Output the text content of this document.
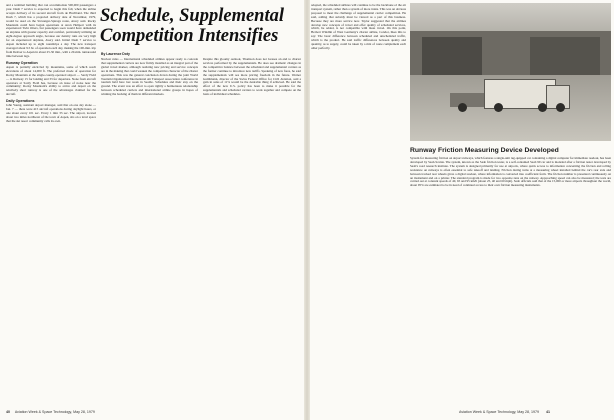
and a terminal building that can accommodate 500,000 passengers a year. Dash 7 service is expected to begin this fall, when the airline accepts delivery of its second aircraft from de Havilland. The third Dash 7, which has a projected delivery date of November, 1979, would be used on the Stavanger-Spiraga route, Avery said. Rocky Mountain could have begun operations at Avon Heliport with its experienced Twin Otters, but passengers soon would have demanded an airplane with greater capacity and comfort, particularly utilizing an eight-degree approach angle, because our density runs are very high for an experienced airplane, Avery said. Initial Dash 7 service to Aspen included up to eight roundtrips a day. The new transport averaged about 9.5 hr. of operation each day, making the 100-min. trip from Denver to Aspen in about 25-30 min., with a 20-min. turnaround time between legs.

Runway Operation

Aspen is partially encircled by mountains, some of which reach elevations of about 14,000 ft. The preferred mode of operation for Rocky Mountain at the single-county-operated airport — Sardy Field — is Runway 15 for landing and 33 for departure. None from aircraft operators at Sardy Field has, because an issue of noise near the community; Rocky Mountain's ability to arrive and depart on the relatively short runway is one of the advantages claimed for the aircraft.

Daily Operations

John Young, assistant airport manager, said that on one day alone — Jan. 7 — there were 415 aircraft operations during daylight hours, or one about every 101 sec. Every 1 min 33 sec. The airport, located about two miles northwest of the town of Aspen, sits on a level space that the ski resort community calls its own.

Schedule, Supplemental Competition Intensifies
By Laurence Doty

Nuclear rules — International scheduled airlines appear ready to concede that supplemental carriers are now firmly installed as an integral part of the global travel market, although realizing new pricing and service concepts are in the making that could weaken the competitive character of the charter operations. This was the general conclusion drawn during the joint World Tourism Organization/International Air Transport Association conference in tourism held here last week in Seattle. Schedules and their stay on the ground. The event was an effort to open rightly a harmonious relationship between scheduled carriers and international airline groups in hopes of winning the backing of them in different markets.

Despite this gloomy outlook, Thomson does not foresee an end to charter services performed by the supplementals. He does see dramatic changes in the competitive balance between the scheduled and supplemental carriers as the former continue to introduce new tariffs. Speaking of new fares, he said the supplementals will see more pricing freedom in the future. Werner Guldimann, director of the Swiss Federal Office for Civil Aviation, said a gain in sales of 11% would be the desirable thing if achieved. He said the effect of the new U.S. policy has been to make it possible for the supplementals and scheduled carriers to work together and compete on the basis of individual schedules.

40 Aviation Week & Space Technology, May 28, 1979

adopted, the scheduled airlines will continue to be the backbone of the air transport system, rather than a system of more trains. This was an obvious proposal to meet the challenge of supplemental carrier competition. He said, adding that subsidy must be viewed as a part of this business. Because they are more service now. Taylor suggested that the airlines develop new concepts of travel and offer quality of scheduled services, which, he added, is not compatible with mass travel. On this point, Herbert Windlin of West Germany's charter airline, Condor, likes this to say: The basic difference between scheduled and unscheduled traffic, which is the product. He said traffic differences between quality and quantity, as to supply, could be taken by a mix of route complement each other perfectly.

Aviation Week & Space Technology, May 28, 1979 41
Runway Friction Measuring Device Developed

System for measuring friction on airport runways, which features a single-unit tug-quipped car containing a digital computer for immediate readout, has been developed by Saab-Scania. The system, known as the Saab friction tester, is a self-contained Saab 99 car and is modeled after a friction tester developed by Saab's road research institute. The system is designed primarily for use at airports, where quick access to information concerning the friction and rolling resistance on runways is often essential to safe takeoff and landing. Friction during turns at a measuring wheel installed behind the car's rear axle and between tracked rear wheels gives a digital readout, where information is converted into coefficient form. The friction number is presented continuously on an instrument and on a printer. The standard program is made for two opposite runs on the runway. Approaching speed can also be measured; the tests are carried out at constant speeds of 40, 65 and 95 km/h (about 25, 40 and 60 mph). Saab officials said that of the 15,000 or more airports throughout the world, about 95% are estimated to be in need of continual access to their own friction measuring instruments.
